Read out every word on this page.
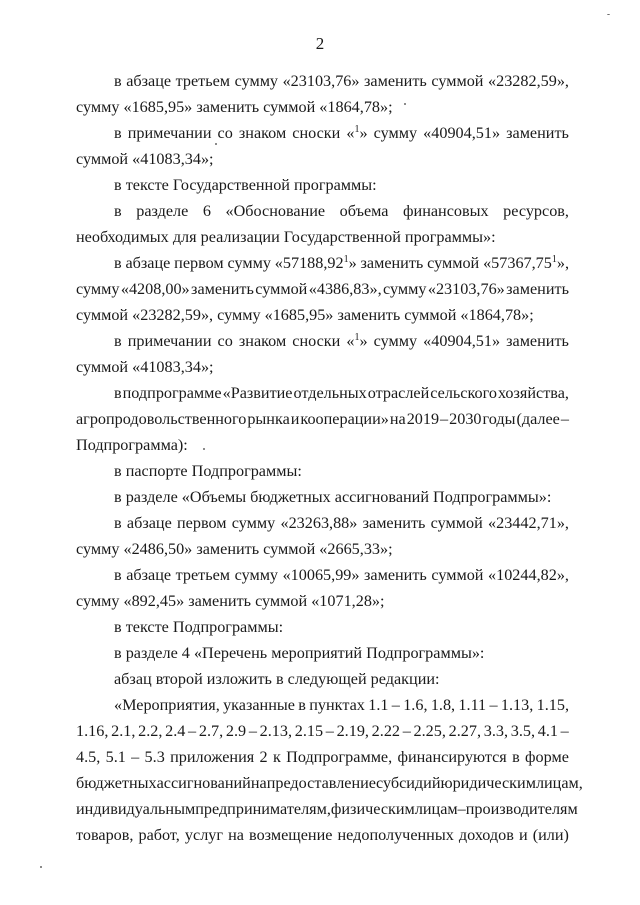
2
в абзаце третьем сумму «23103,76» заменить суммой «23282,59»,
сумму «1685,95» заменить суммой «1864,78»;
в примечании со знаком сноски «$^1$» сумму «40904,51» заменить
суммой «41083,34»;
в тексте Государственной программы:
в разделе 6 «Обоснование объема финансовых ресурсов,
необходимых для реализации Государственной программы»:
в абзаце первом сумму «57188,92$^1$» заменить суммой «57367,75$^1$»,
сумму «4208,00» заменить суммой «4386,83», сумму «23103,76» заменить
суммой «23282,59», сумму «1685,95» заменить суммой «1864,78»;
в примечании со знаком сноски «$^1$» сумму «40904,51» заменить
суммой «41083,34»;
в подпрограмме «Развитие отдельных отраслей сельского хозяйства,
агропродовольственного рынка и кооперации» на 2019 – 2030 годы (далее –
Подпрограмма):
в паспорте Подпрограммы:
в разделе «Объемы бюджетных ассигнований Подпрограммы»:
в абзаце первом сумму «23263,88» заменить суммой «23442,71»,
сумму «2486,50» заменить суммой «2665,33»;
в абзаце третьем сумму «10065,99» заменить суммой «10244,82»,
сумму «892,45» заменить суммой «1071,28»;
в тексте Подпрограммы:
в разделе 4 «Перечень мероприятий Подпрограммы»:
абзац второй изложить в следующей редакции:
«Мероприятия, указанные в пунктах 1.1 – 1.6, 1.8, 1.11 – 1.13, 1.15,
1.16, 2.1, 2.2, 2.4 – 2.7, 2.9 – 2.13, 2.15 – 2.19, 2.22 – 2.25, 2.27, 3.3, 3.5, 4.1 –
4.5, 5.1 – 5.3 приложения 2 к Подпрограмме, финансируются в форме
бюджетных ассигнований на предоставление субсидий юридическим лицам,
индивидуальным предпринимателям, физическим лицам – производителям
товаров, работ, услуг на возмещение недополученных доходов и (или)
